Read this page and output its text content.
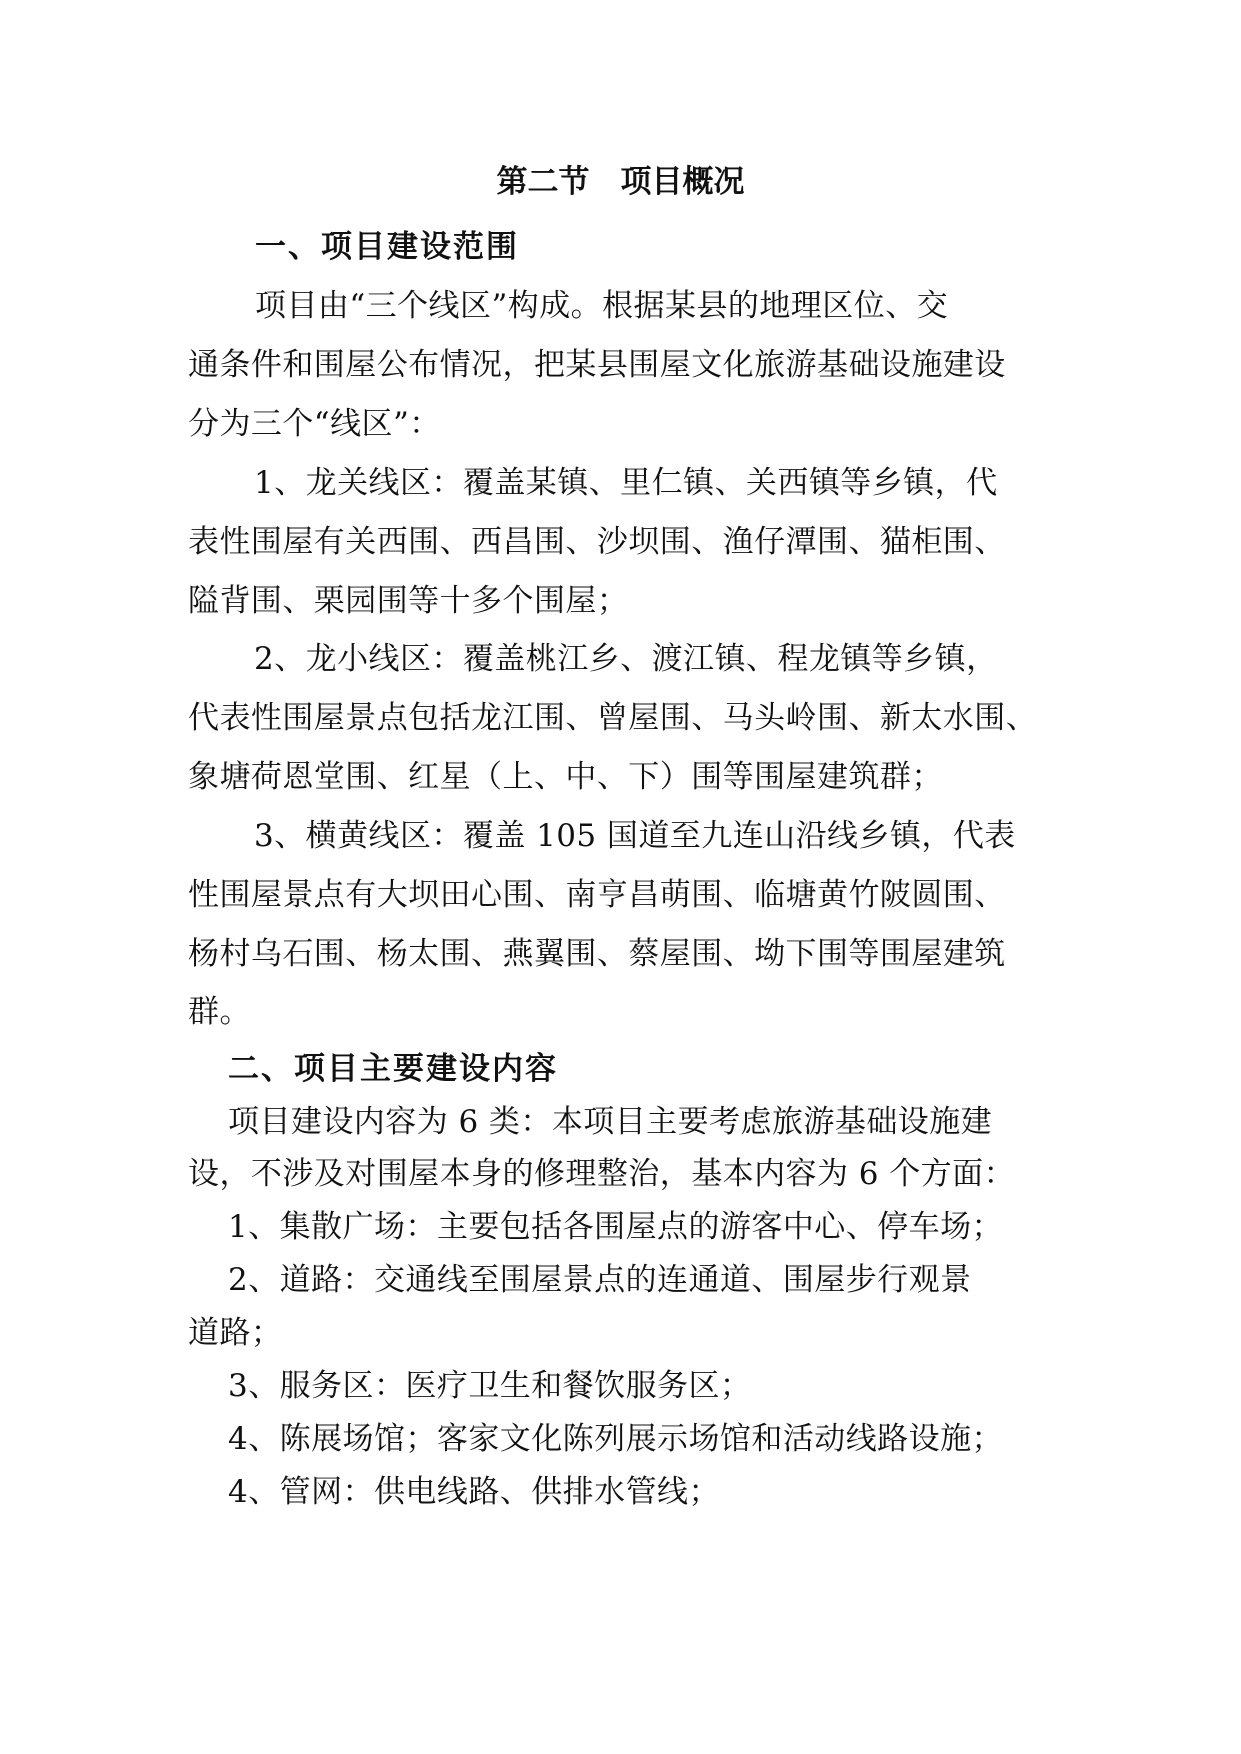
第二节　项目概况
一、项目建设范围
项目由“三个线区”构成。根据某县的地理区位、交
通条件和围屋公布情况，把某县围屋文化旅游基础设施建设
分为三个“线区”：
1、龙关线区：覆盖某镇、里仁镇、关西镇等乡镇，代
表性围屋有关西围、西昌围、沙坝围、渔仔潭围、猫柜围、
隘背围、栗园围等十多个围屋；
2、龙小线区：覆盖桃江乡、渡江镇、程龙镇等乡镇，
代表性围屋景点包括龙江围、曾屋围、马头岭围、新太水围、
象塘荷恩堂围、红星（上、中、下）围等围屋建筑群；
3、横黄线区：覆盖 105 国道至九连山沿线乡镇，代表
性围屋景点有大坝田心围、南亨昌萌围、临塘黄竹陂圆围、
杨村乌石围、杨太围、燕翼围、蔡屋围、坳下围等围屋建筑
群。
二、项目主要建设内容
项目建设内容为 6 类：本项目主要考虑旅游基础设施建
设，不涉及对围屋本身的修理整治，基本内容为 6 个方面：
1、集散广场：主要包括各围屋点的游客中心、停车场；
2、道路：交通线至围屋景点的连通道、围屋步行观景
道路；
3、服务区：医疗卫生和餐饮服务区；
4、陈展场馆；客家文化陈列展示场馆和活动线路设施；
4、管网：供电线路、供排水管线；
